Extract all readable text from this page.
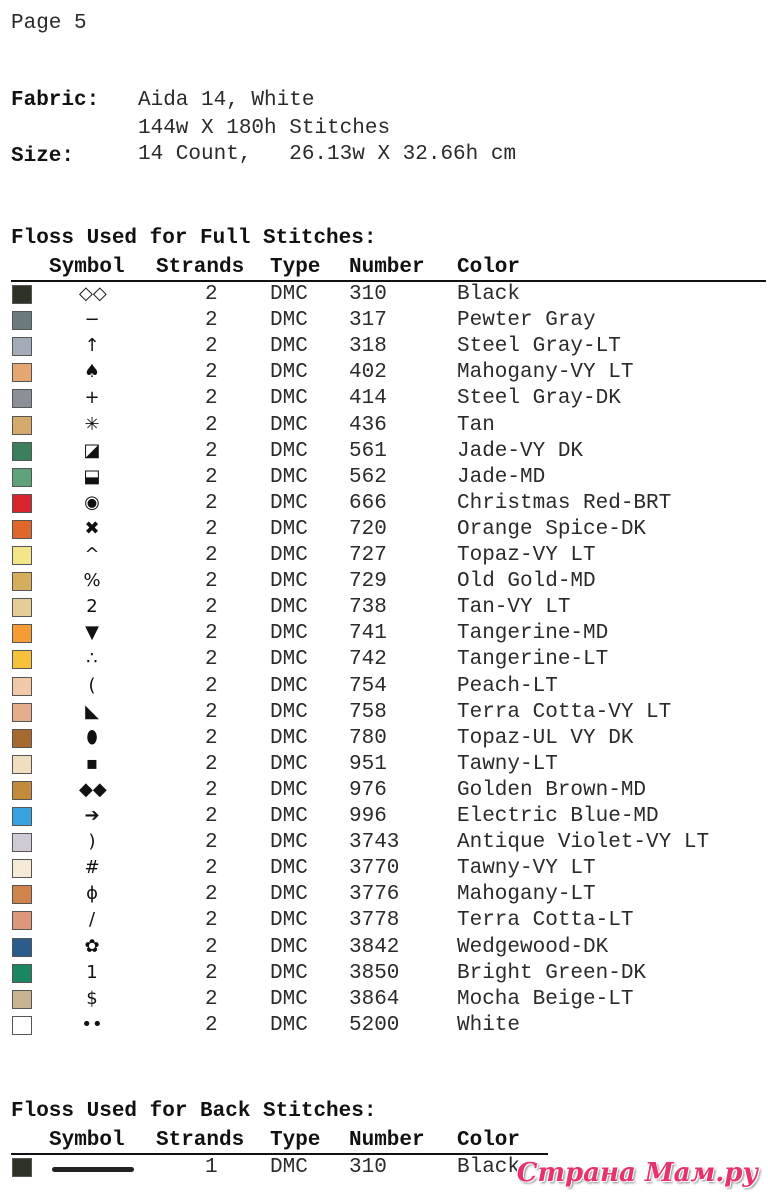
Page 5
Fabric: Aida 14, White
144w X 180h Stitches
Size:	14 Count,   26.13w X 32.66h cm
Floss Used for Full Stitches:
Symbol Strands Type Number Color
◇◇	2 DMC 310	Black
−	2 DMC 317	Pewter Gray
↑	2 DMC 318	Steel Gray-LT
♠	2 DMC 402	Mahogany-VY LT
+	2 DMC 414	Steel Gray-DK
✳	2 DMC 436	Tan
◪	2 DMC 561	Jade-VY DK
⬓	2 DMC 562	Jade-MD
◉	2 DMC 666	Christmas Red-BRT
✖	2 DMC 720	Orange Spice-DK
^	2 DMC 727	Topaz-VY LT
%	2 DMC 729	Old Gold-MD
2	2 DMC 738	Tan-VY LT
▼	2 DMC 741	Tangerine-MD
∴	2 DMC 742	Tangerine-LT
(	2 DMC 754	Peach-LT
◣	2 DMC 758	Terra Cotta-VY LT
⬮	2 DMC 780	Topaz-UL VY DK
▪	2 DMC 951	Tawny-LT
◆◆	2 DMC 976	Golden Brown-MD
➔	2 DMC 996	Electric Blue-MD
)	2 DMC 3743	Antique Violet-VY LT
#	2 DMC 3770	Tawny-VY LT
ϕ	2 DMC 3776	Mahogany-LT
/	2 DMC 3778	Terra Cotta-LT
✿	2 DMC 3842	Wedgewood-DK
1	2 DMC 3850	Bright Green-DK
$	2 DMC 3864	Mocha Beige-LT
••	2 DMC 5200	White
Floss Used for Back Stitches:
Symbol Strands Type Number Color
1 DMC 310	Black
Страна Мам.ру
